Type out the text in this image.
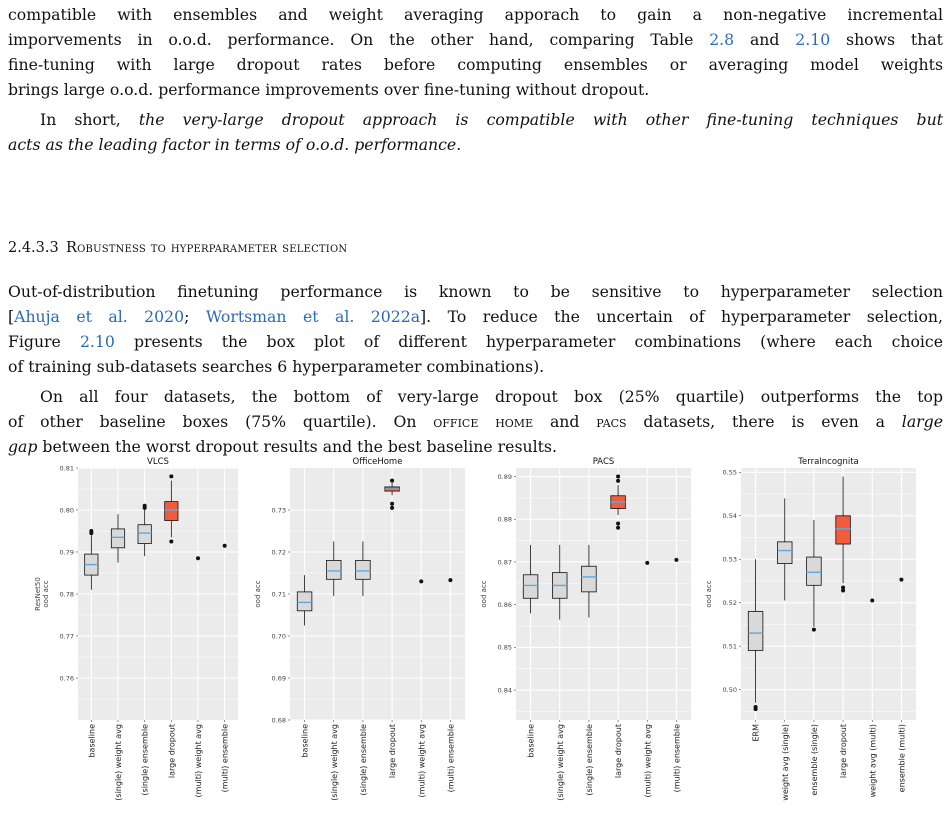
compatible with ensembles and weight averaging apporach to gain a non-negative incremental
imporvements in o.o.d. performance. On the other hand, comparing Table 2.8 and 2.10 shows that
fine-tuning with large dropout rates before computing ensembles or averaging model weights
brings large o.o.d. performance improvements over fine-tuning without dropout.
In short, the very-large dropout approach is compatible with other fine-tuning techniques but
acts as the leading factor in terms of o.o.d. performance.
Out-of-distribution finetuning performance is known to be sensitive to hyperparameter selection
[Ahuja et al. 2020; Wortsman et al. 2022a]. To reduce the uncertain of hyperparameter selection,
Figure 2.10 presents the box plot of different hyperparameter combinations (where each choice
of training sub-datasets searches 6 hyperparameter combinations).
On all four datasets, the bottom of very-large dropout box (25% quartile) outperforms the top
of other baseline boxes (75% quartile). On office home and pacs datasets, there is even a large
gap between the worst dropout results and the best baseline results.
2.4.3.3 Robustness to hyperparameter selection
0.76
0.77
0.78
0.79
0.80
0.81
VLCS
ResNet50 ood acc
baseline (single) weight avg (single) ensemble large dropout (multi) weight avg (multi) ensemble
0.68
0.69
0.70
0.71
0.72
0.73
OfficeHome
ood acc
baseline	(single) weight avg	(single) ensemble	large dropout	(multi) weight avg	(multi) ensemble
0.84
0.85
0.86
0.87
0.88
0.89
PACS
ood acc
baseline	(single) weight avg	(single) ensemble	large dropout	(multi) weight avg	(multi) ensemble
0.50
0.51
0.52
0.53
0.54
0.55
TerraIncognita
ood acc
ERM	weight avg (single)	ensemble (single)	large dropout	weight avg (multi)	ensemble (multi)
